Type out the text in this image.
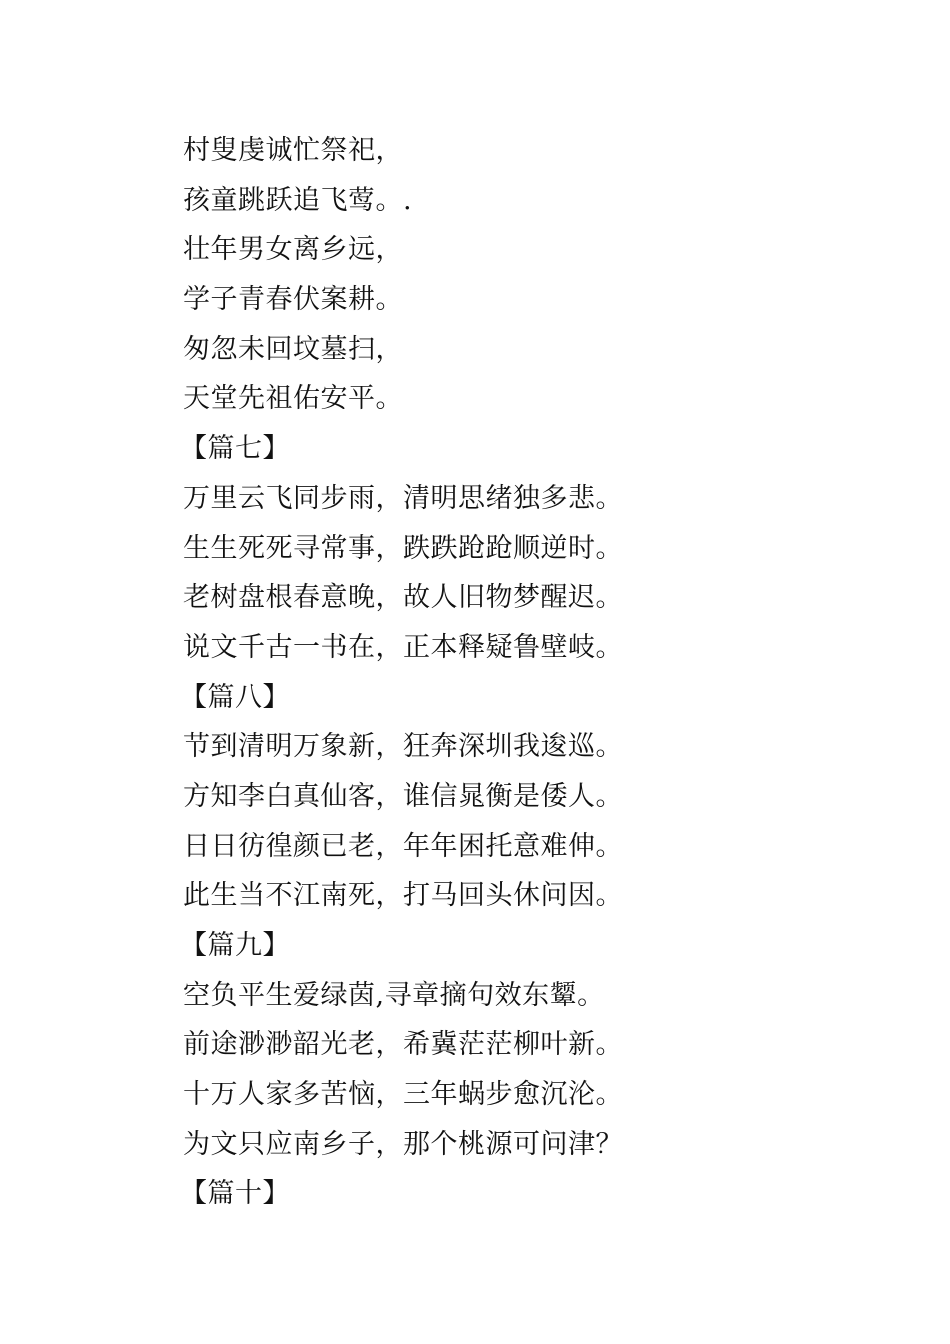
村叟虔诚忙祭祀，
孩童跳跃追飞莺。.
壮年男女离乡远，
学子青春伏案耕。
匆忽未回坟墓扫，
天堂先祖佑安平。
【篇七】
万里云飞同步雨，清明思绪独多悲。
生生死死寻常事，跌跌跄跄顺逆时。
老树盘根春意晚，故人旧物梦醒迟。
说文千古一书在，正本释疑鲁壁岐。
【篇八】
节到清明万象新，狂奔深圳我逡巡。
方知李白真仙客，谁信晁衡是倭人。
日日彷徨颜已老，年年困托意难伸。
此生当不江南死，打马回头休问因。
【篇九】
空负平生爱绿茵,寻章摘句效东颦。
前途渺渺韶光老，希冀茫茫柳叶新。
十万人家多苦恼，三年蜗步愈沉沦。
为文只应南乡子，那个桃源可问津？
【篇十】
